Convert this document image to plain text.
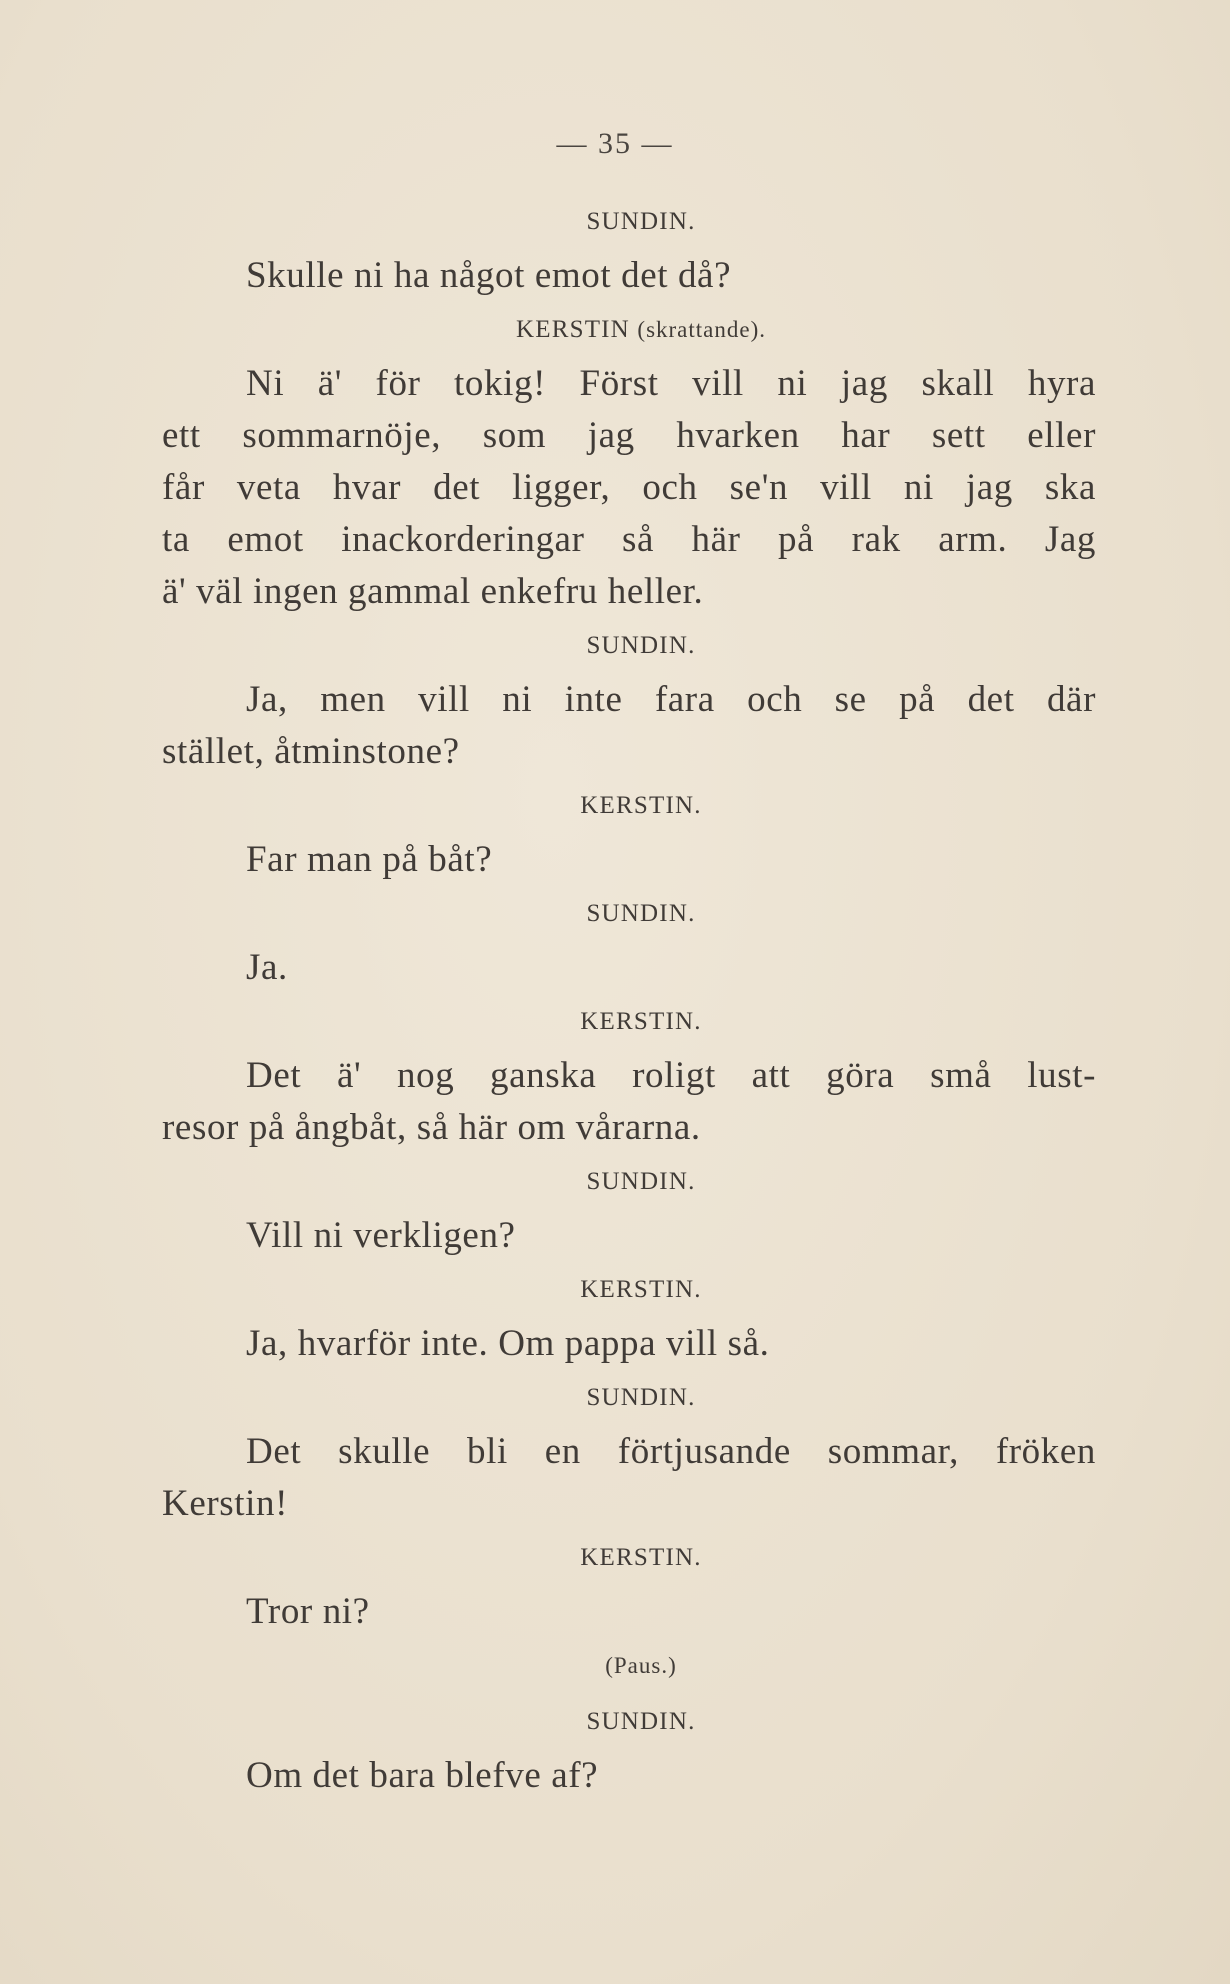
— 35 —
SUNDIN.
Skulle ni ha något emot det då?
KERSTIN (skrattande).
Ni ä' för tokig! Först vill ni jag skall hyra
ett sommarnöje, som jag hvarken har sett eller
får veta hvar det ligger, och se'n vill ni jag ska
ta emot inackorderingar så här på rak arm. Jag
ä' väl ingen gammal enkefru heller.
SUNDIN.
Ja, men vill ni inte fara och se på det där
stället, åtminstone?
KERSTIN.
Far man på båt?
SUNDIN.
Ja.
KERSTIN.
Det ä' nog ganska roligt att göra små lust-
resor på ångbåt, så här om vårarna.
SUNDIN.
Vill ni verkligen?
KERSTIN.
Ja, hvarför inte. Om pappa vill så.
SUNDIN.
Det skulle bli en förtjusande sommar, fröken
Kerstin!
KERSTIN.
Tror ni?
(Paus.)
SUNDIN.
Om det bara blefve af?
